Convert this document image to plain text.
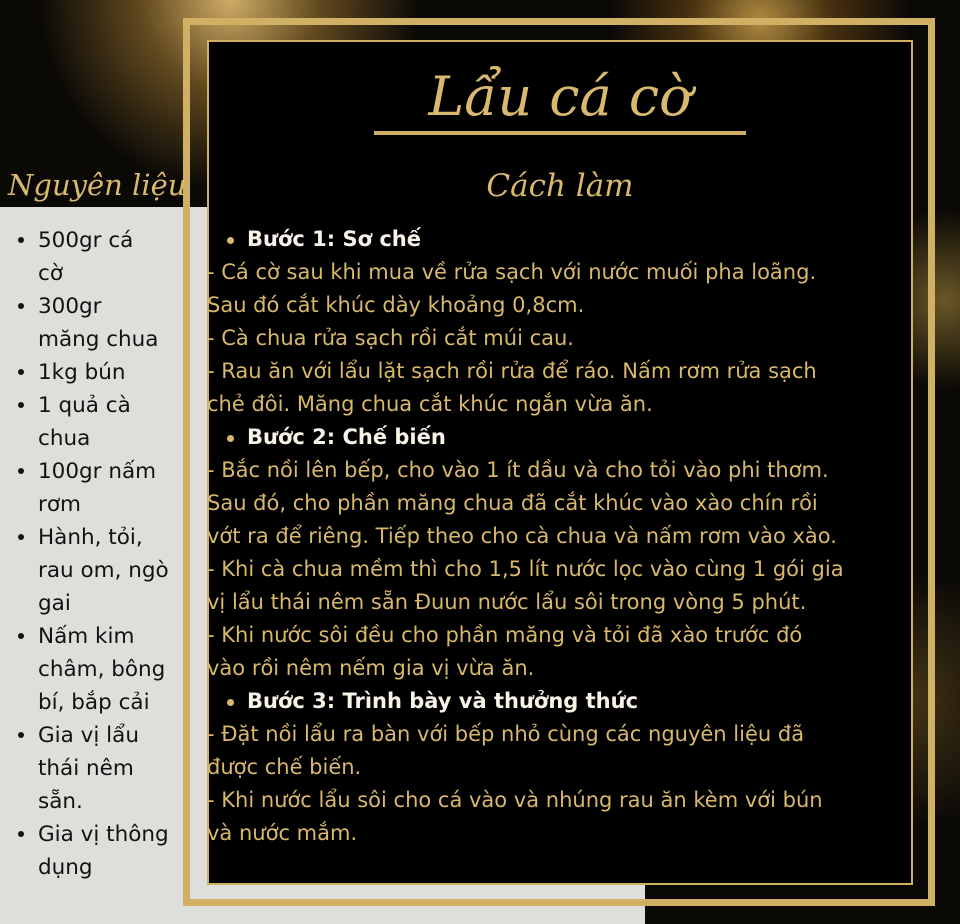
Lẩu cá cờ
Cách làm
Nguyên liệu
500gr cá
cờ
300gr
măng chua
1kg bún
1 quả cà
chua
100gr nấm
rơm
Hành, tỏi,
rau om, ngò
gai
Nấm kim
châm, bông
bí, bắp cải
Gia vị lẩu
thái nêm
sẵn.
Gia vị thông
dụng
Bước 1: Sơ chế
- Cá cờ sau khi mua về rửa sạch với nước muối pha loãng.
Sau đó cắt khúc dày khoảng 0,8cm.
- Cà chua rửa sạch rồi cắt múi cau.
- Rau ăn với lẩu lặt sạch rồi rửa để ráo. Nấm rơm rửa sạch
chẻ đôi. Măng chua cắt khúc ngắn vừa ăn.
Bước 2: Chế biến
- Bắc nồi lên bếp, cho vào 1 ít dầu và cho tỏi vào phi thơm.
Sau đó, cho phần măng chua đã cắt khúc vào xào chín rồi
vớt ra để riêng. Tiếp theo cho cà chua và nấm rơm vào xào.
- Khi cà chua mềm thì cho 1,5 lít nước lọc vào cùng 1 gói gia
vị lẩu thái nêm sẵn Đuun nước lẩu sôi trong vòng 5 phút.
- Khi nước sôi đều cho phần măng và tỏi đã xào trước đó
vào rồi nêm nếm gia vị vừa ăn.
Bước 3: Trình bày và thưởng thức
- Đặt nồi lẩu ra bàn với bếp nhỏ cùng các nguyên liệu đã
được chế biến.
- Khi nước lẩu sôi cho cá vào và nhúng rau ăn kèm với bún
và nước mắm.
